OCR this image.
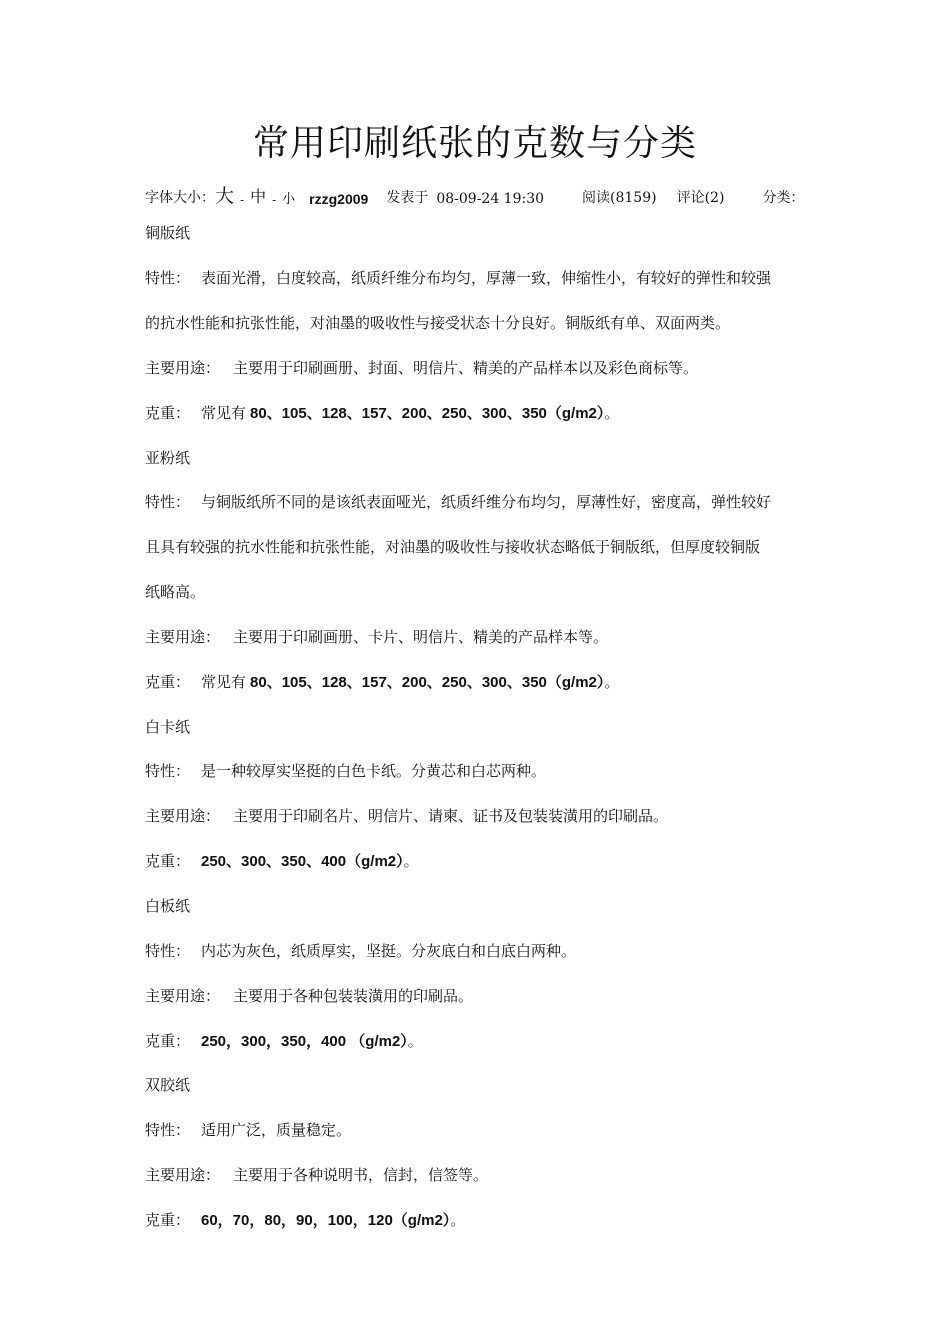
常用印刷纸张的克数与分类
字体大小： 大 - 中 - 小 rzzg2009 发表于 08-09-24 19:30	阅读(8159) 评论(2)	分类：
铜版纸
特性： 表面光滑，白度较高，纸质纤维分布均匀，厚薄一致，伸缩性小，有较好的弹性和较强
的抗水性能和抗张性能，对油墨的吸收性与接受状态十分良好。铜版纸有单、双面两类。
主要用途： 主要用于印刷画册、封面、明信片、精美的产品样本以及彩色商标等。
克重： 常见有 80、105、128、157、200、250、300、350（g/m2）。
亚粉纸
特性： 与铜版纸所不同的是该纸表面哑光，纸质纤维分布均匀，厚薄性好，密度高，弹性较好
且具有较强的抗水性能和抗张性能，对油墨的吸收性与接收状态略低于铜版纸，但厚度较铜版
纸略高。
主要用途： 主要用于印刷画册、卡片、明信片、精美的产品样本等。
克重： 常见有 80、105、128、157、200、250、300、350（g/m2）。
白卡纸
特性： 是一种较厚实坚挺的白色卡纸。分黄芯和白芯两种。
主要用途： 主要用于印刷名片、明信片、请柬、证书及包装装潢用的印刷品。
克重： 250、300、350、400（g/m2）。
白板纸
特性： 内芯为灰色，纸质厚实，坚挺。分灰底白和白底白两种。
主要用途： 主要用于各种包装装潢用的印刷品。
克重： 250，300，350，400 （g/m2）。
双胶纸
特性： 适用广泛，质量稳定。
主要用途： 主要用于各种说明书，信封，信签等。
克重： 60，70，80，90，100，120（g/m2）。
